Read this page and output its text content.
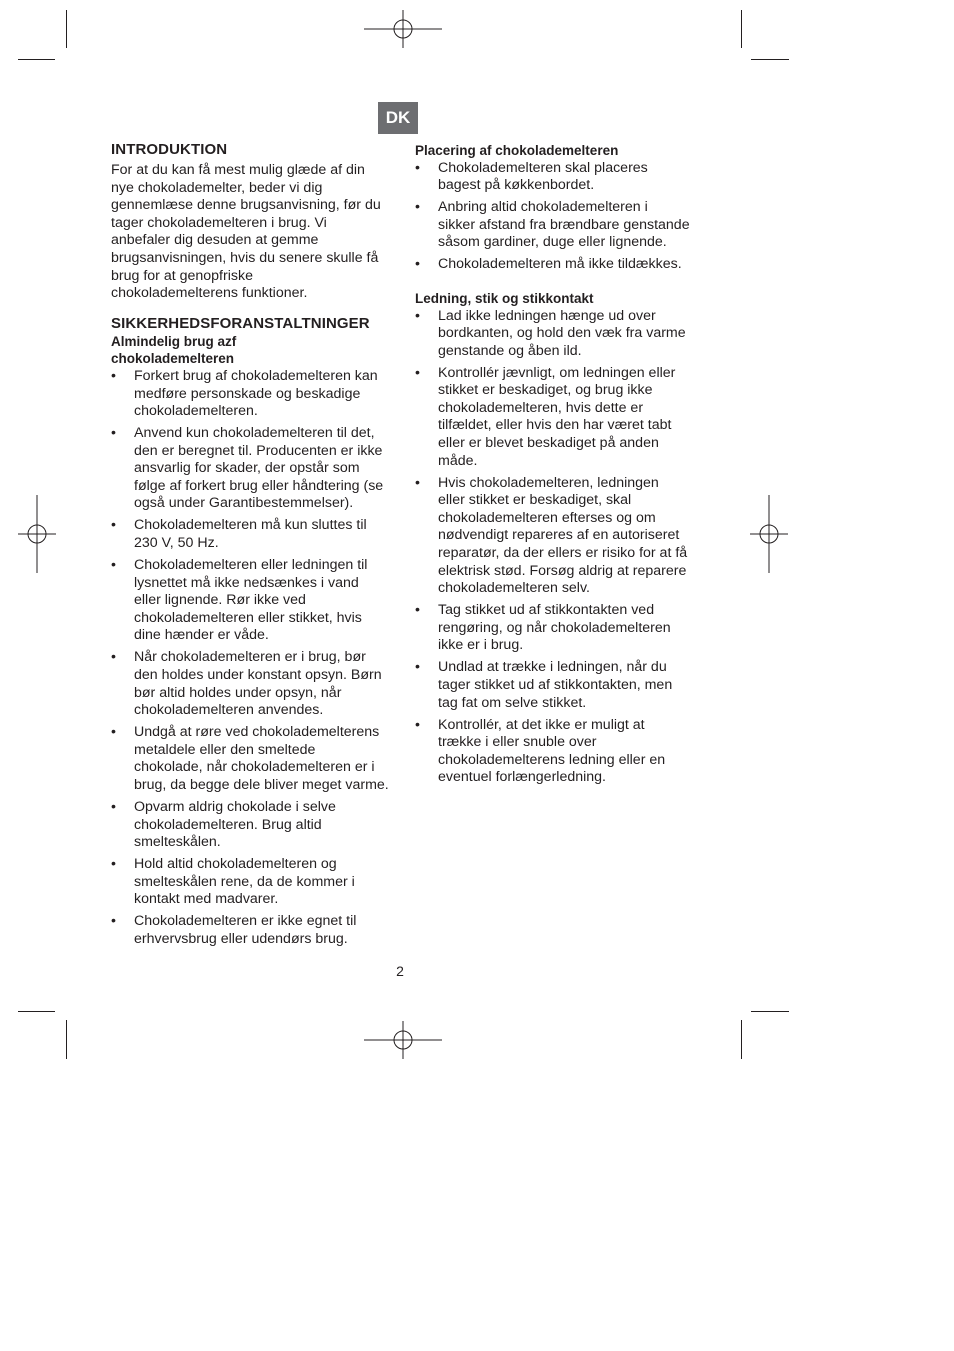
DK
INTRODUKTION

For at du kan få mest mulig glæde af din
nye chokolademelter, beder vi dig
gennemlæse denne brugsanvisning, før du
tager chokolademelteren i brug. Vi
anbefaler dig desuden at gemme
brugsanvisningen, hvis du senere skulle få
brug for at genopfriske
chokolademelterens funktioner.

SIKKERHEDSFORANSTALTNINGER
Almindelig brug azf
chokolademelteren
• Forkert brug af chokolademelteren kan
medføre personskade og beskadige
chokolademelteren.
• Anvend kun chokolademelteren til det,
den er beregnet til. Producenten er ikke
ansvarlig for skader, der opstår som
følge af forkert brug eller håndtering (se
også under Garantibestemmelser).
• Chokolademelteren må kun sluttes til
230 V, 50 Hz.
• Chokolademelteren eller ledningen til
lysnettet må ikke nedsænkes i vand
eller lignende. Rør ikke ved
chokolademelteren eller stikket, hvis
dine hænder er våde.
• Når chokolademelteren er i brug, bør
den holdes under konstant opsyn. Børn
bør altid holdes under opsyn, når
chokolademelteren anvendes.
• Undgå at røre ved chokolademelterens
metaldele eller den smeltede
chokolade, når chokolademelteren er i
brug, da begge dele bliver meget varme.
• Opvarm aldrig chokolade i selve
chokolademelteren. Brug altid
smelteskålen.
• Hold altid chokolademelteren og
smelteskålen rene, da de kommer i
kontakt med madvarer.
• Chokolademelteren er ikke egnet til
erhvervsbrug eller udendørs brug.
Placering af chokolademelteren
• Chokolademelteren skal placeres
bagest på køkkenbordet.
• Anbring altid chokolademelteren i
sikker afstand fra brændbare genstande
såsom gardiner, duge eller lignende.
• Chokolademelteren må ikke tildækkes.
Ledning, stik og stikkontakt
• Lad ikke ledningen hænge ud over
bordkanten, og hold den væk fra varme
genstande og åben ild.
• Kontrollér jævnligt, om ledningen eller
stikket er beskadiget, og brug ikke
chokolademelteren, hvis dette er
tilfældet, eller hvis den har været tabt
eller er blevet beskadiget på anden
måde.
• Hvis chokolademelteren, ledningen
eller stikket er beskadiget, skal
chokolademelteren efterses og om
nødvendigt repareres af en autoriseret
reparatør, da der ellers er risiko for at få
elektrisk stød. Forsøg aldrig at reparere
chokolademelteren selv.
• Tag stikket ud af stikkontakten ved
rengøring, og når chokolademelteren
ikke er i brug.
• Undlad at trække i ledningen, når du
tager stikket ud af stikkontakten, men
tag fat om selve stikket.
• Kontrollér, at det ikke er muligt at
trække i eller snuble over
chokolademelterens ledning eller en
eventuel forlængerledning.
2
